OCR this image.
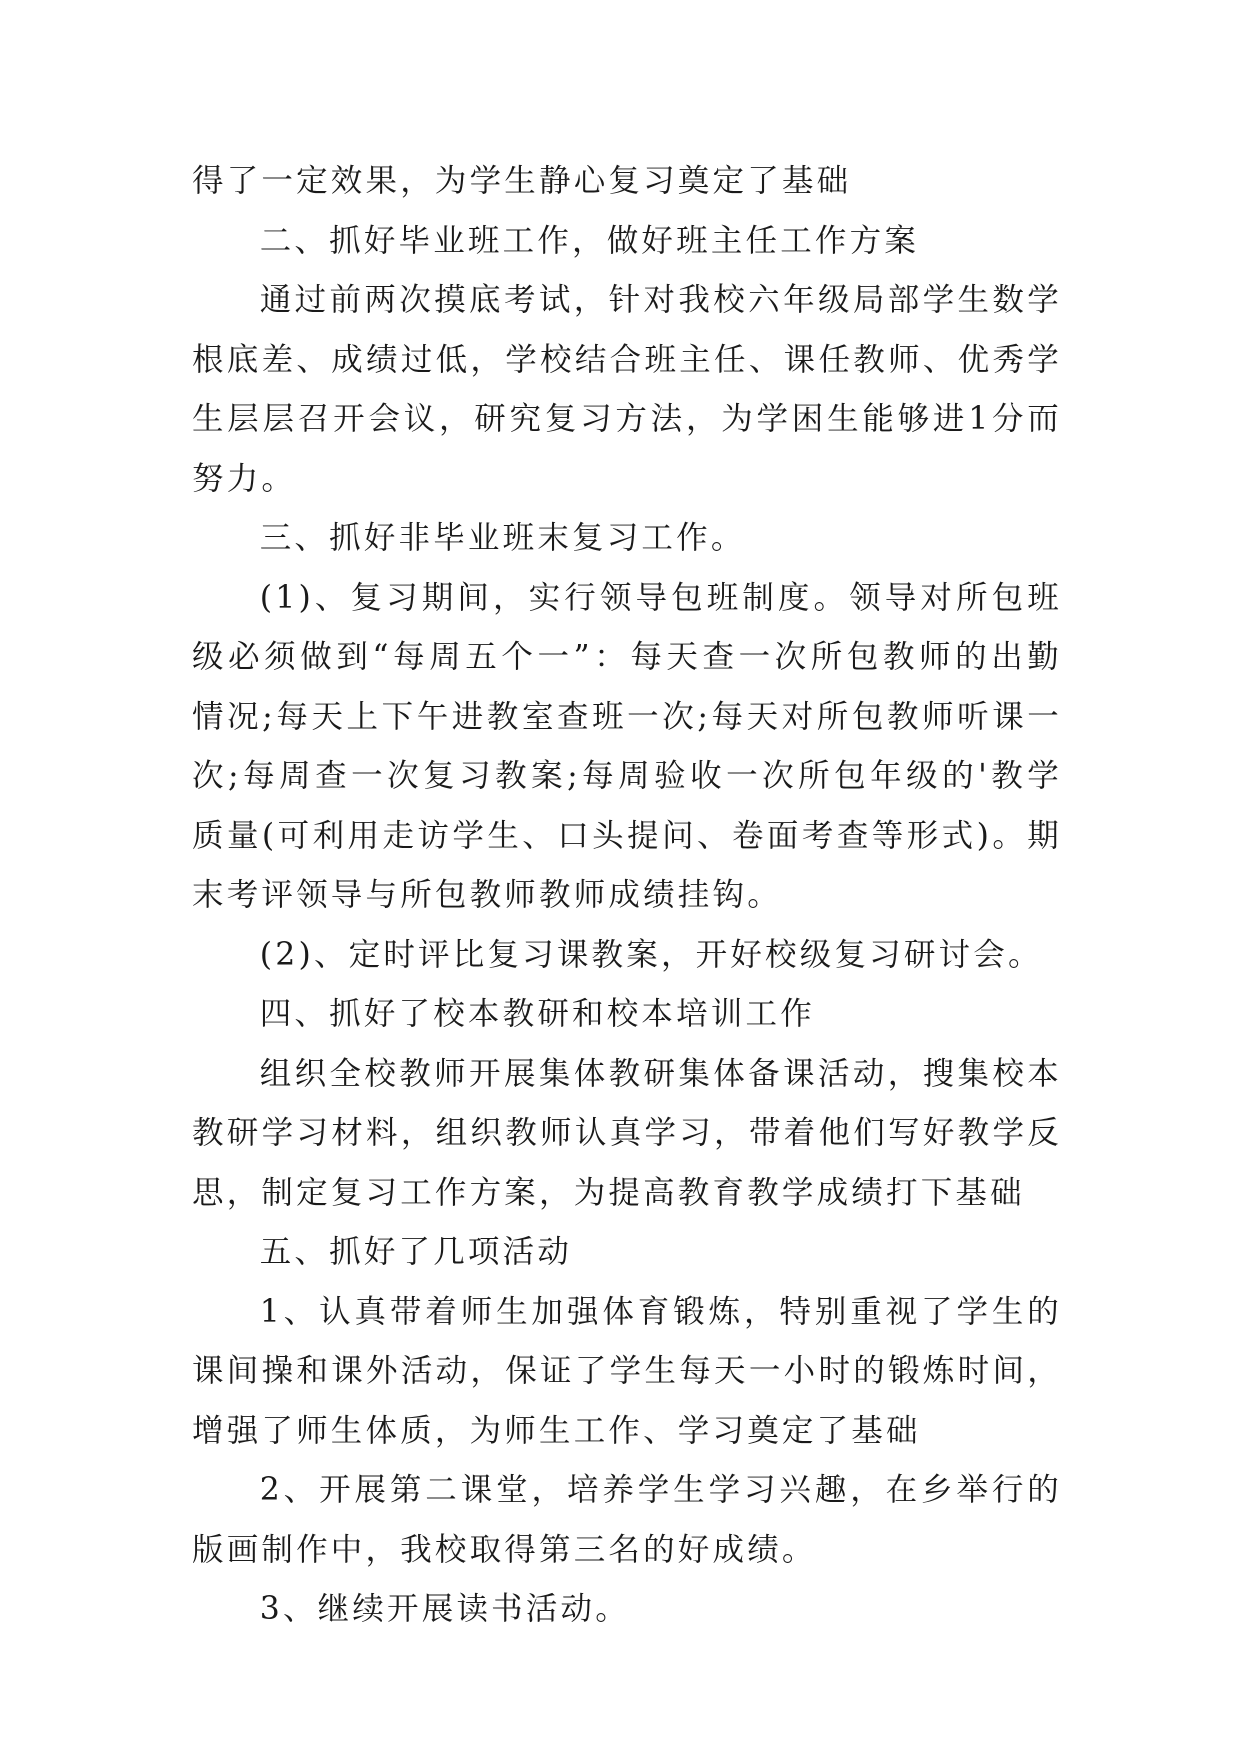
得了一定效果，为学生静心复习奠定了基础

二、抓好毕业班工作，做好班主任工作方案

通过前两次摸底考试，针对我校六年级局部学生数学根底差、成绩过低，学校结合班主任、课任教师、优秀学生层层召开会议，研究复习方法，为学困生能够进1分而努力。

三、抓好非毕业班末复习工作。

(1)、复习期间，实行领导包班制度。领导对所包班级必须做到“每周五个一”：每天查一次所包教师的出勤情况;每天上下午进教室查班一次;每天对所包教师听课一次;每周查一次复习教案;每周验收一次所包年级的'教学质量(可利用走访学生、口头提问、卷面考查等形式)。期末考评领导与所包教师教师成绩挂钩。

(2)、定时评比复习课教案，开好校级复习研讨会。

四、抓好了校本教研和校本培训工作

组织全校教师开展集体教研集体备课活动，搜集校本教研学习材料，组织教师认真学习，带着他们写好教学反思，制定复习工作方案，为提高教育教学成绩打下基础

五、抓好了几项活动

1、认真带着师生加强体育锻炼，特别重视了学生的课间操和课外活动，保证了学生每天一小时的锻炼时间，增强了师生体质，为师生工作、学习奠定了基础

2、开展第二课堂，培养学生学习兴趣，在乡举行的版画制作中，我校取得第三名的好成绩。

3、继续开展读书活动。
